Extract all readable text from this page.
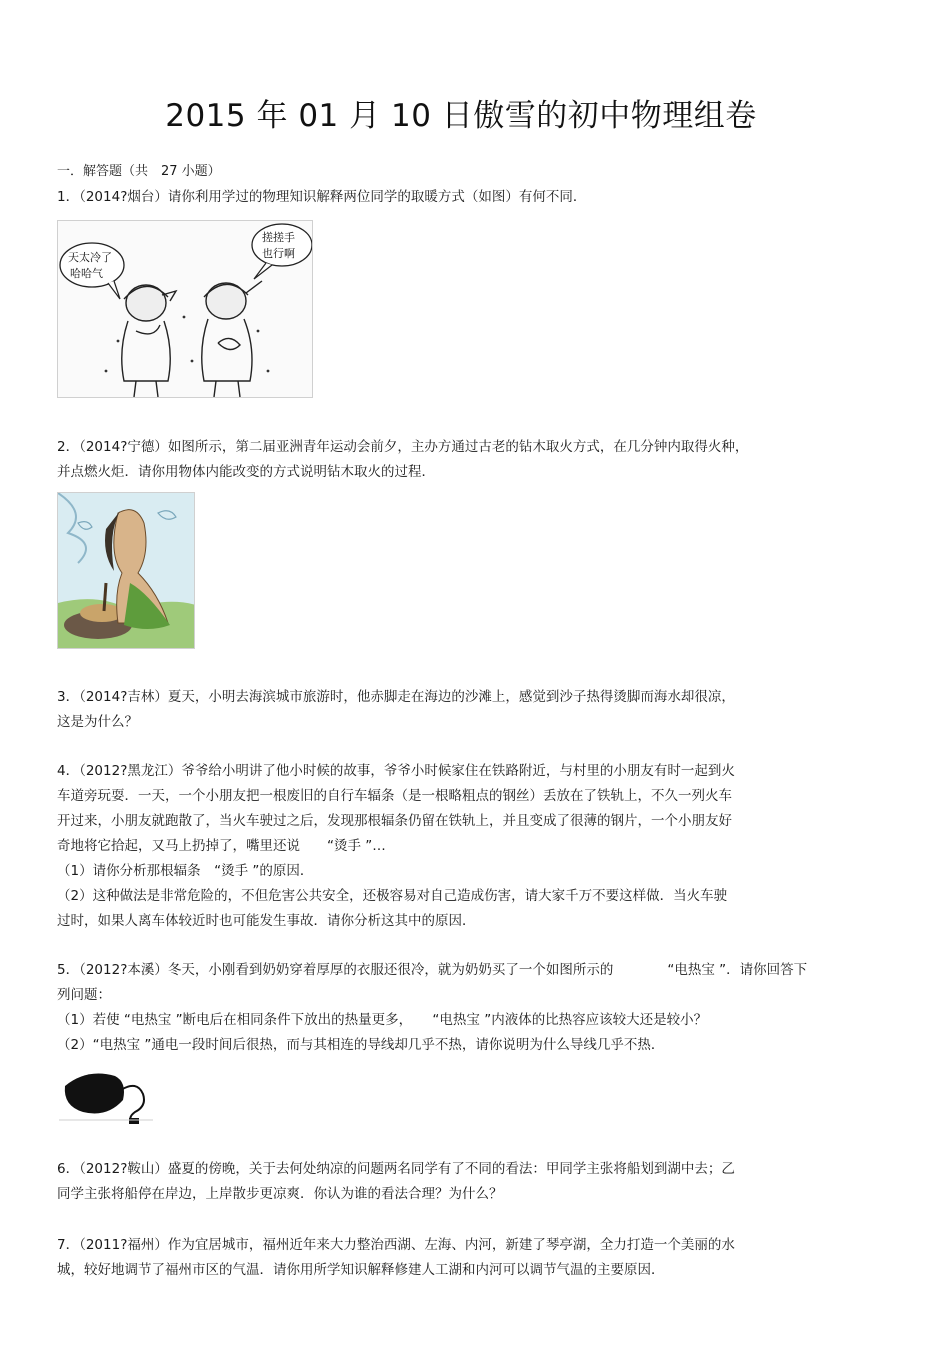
2015 年 01 月 10 日傲雪的初中物理组卷
一．解答题（共　27 小题）

1．（2014?烟台）请你利用学过的物理知识解释两位同学的取暖方式（如图）有何不同．

天太冷了
哈哈气
搓搓手
也行啊

2．（2014?宁德）如图所示，第二届亚洲青年运动会前夕，主办方通过古老的钻木取火方式，在几分钟内取得火种，

并点燃火炬．请你用物体内能改变的方式说明钻木取火的过程．

3．（2014?吉林）夏天，小明去海滨城市旅游时，他赤脚走在海边的沙滩上，感觉到沙子热得烫脚而海水却很凉，

这是为什么？

4．（2012?黑龙江）爷爷给小明讲了他小时候的故事，爷爷小时候家住在铁路附近，与村里的小朋友有时一起到火

车道旁玩耍．一天，一个小朋友把一根废旧的自行车辐条（是一根略粗点的钢丝）丢放在了铁轨上，不久一列火车

开过来，小朋友就跑散了，当火车驶过之后，发现那根辐条仍留在铁轨上，并且变成了很薄的钢片，一个小朋友好

奇地将它拾起，又马上扔掉了，嘴里还说　　“烫手 ”…

（1）请你分析那根辐条　“烫手 ”的原因．

（2）这种做法是非常危险的，不但危害公共安全，还极容易对自己造成伤害，请大家千万不要这样做．当火车驶

过时，如果人离车体较近时也可能发生事故．请你分析这其中的原因．

5．（2012?本溪）冬天，小刚看到奶奶穿着厚厚的衣服还很冷，就为奶奶买了一个如图所示的　　　　“电热宝 ”．请你回答下

列问题：

（1）若使 “电热宝 ”断电后在相同条件下放出的热量更多，　　“电热宝 ”内液体的比热容应该较大还是较小？

（2）“电热宝 ”通电一段时间后很热，而与其相连的导线却几乎不热，请你说明为什么导线几乎不热．

6．（2012?鞍山）盛夏的傍晚，关于去何处纳凉的问题两名同学有了不同的看法：甲同学主张将船划到湖中去；乙

同学主张将船停在岸边，上岸散步更凉爽．你认为谁的看法合理？为什么？

7．（2011?福州）作为宜居城市，福州近年来大力整治西湖、左海、内河，新建了琴亭湖，全力打造一个美丽的水

城，较好地调节了福州市区的气温．请你用所学知识解释修建人工湖和内河可以调节气温的主要原因．
